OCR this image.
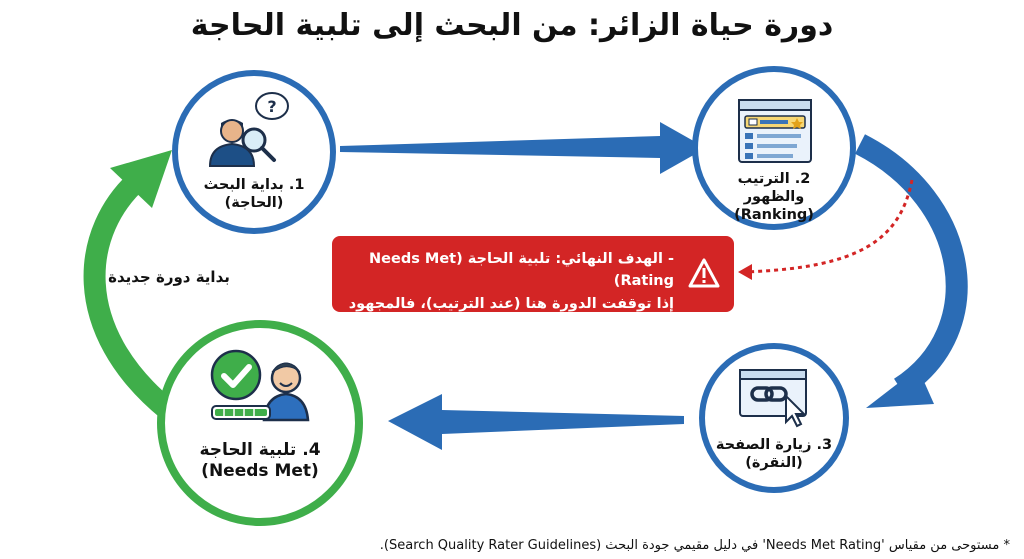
دورة حياة الزائر: من البحث إلى تلبية الحاجة
?
1. بداية البحث
(الحاجة)
2. الترتيب والظهور
(Ranking)
3. زيارة الصفحة
(النقرة)
4. تلبية الحاجة
(Needs Met)
- الهدف النهائي: تلبية الحاجة (Needs Met Rating)
إذا توقفت الدورة هنا (عند الترتيب)، فالمجهود ضائع.
بداية دورة جديدة
* مستوحى من مقياس 'Needs Met Rating' في دليل مقيمي جودة البحث (Search Quality Rater Guidelines).
